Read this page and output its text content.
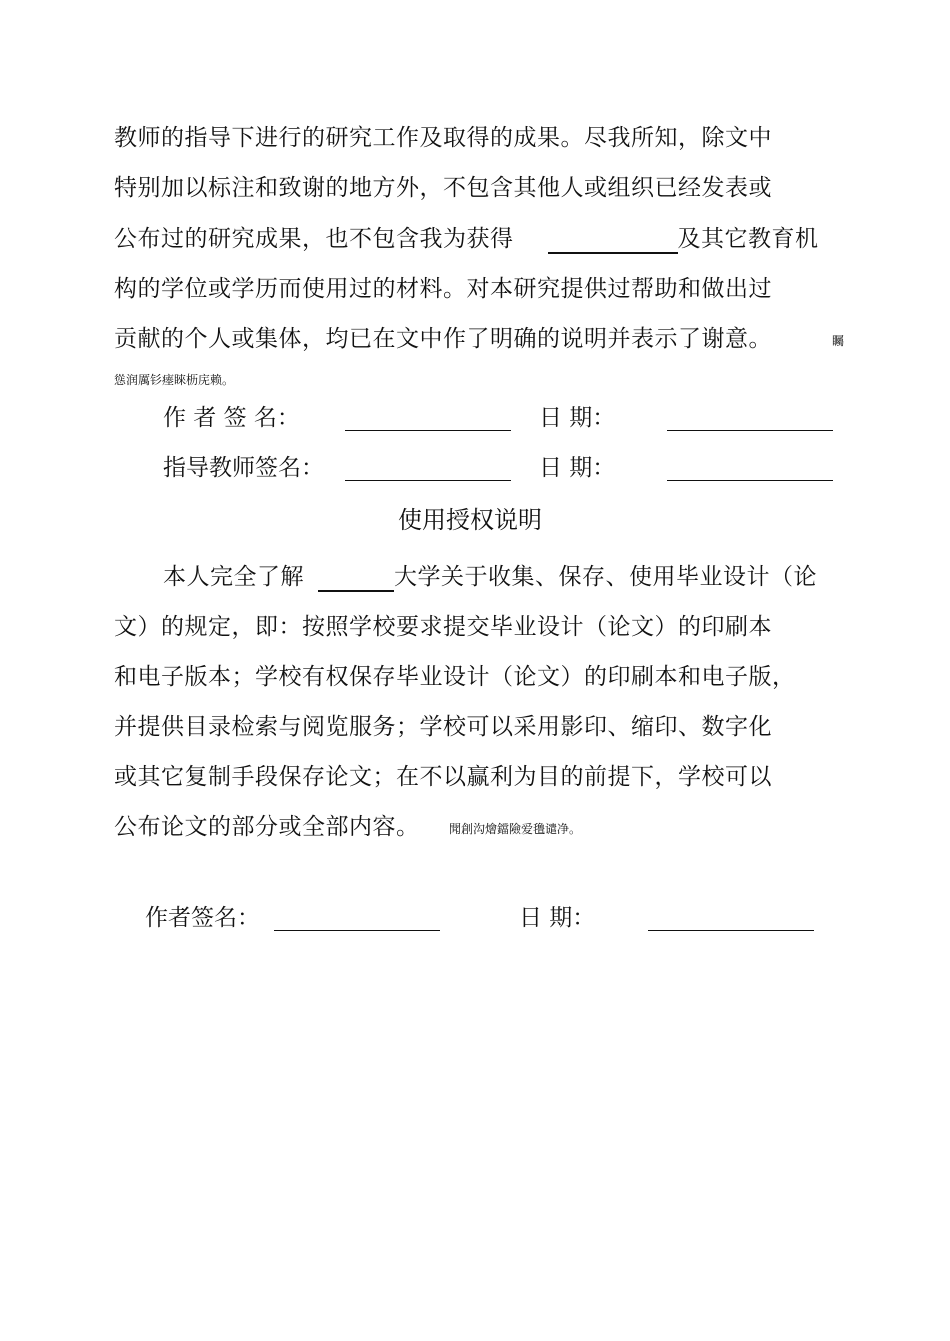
教师的指导下进行的研究工作及取得的成果。尽我所知，除文中
特别加以标注和致谢的地方外，不包含其他人或组织已经发表或
公布过的研究成果，也不包含我为获得	及其它教育机
构的学位或学历而使用过的材料。对本研究提供过帮助和做出过
贡献的个人或集体，均已在文中作了明确的说明并表示了谢意。	矚
慫润厲钐瘗睞枥庑赖。
作 者 签 名：	日 期：
指导教师签名：	日 期：
使用授权说明
本人完全了解	大学关于收集、保存、使用毕业设计（论
文）的规定，即：按照学校要求提交毕业设计（论文）的印刷本
和电子版本；学校有权保存毕业设计（论文）的印刷本和电子版，
并提供目录检索与阅览服务；学校可以采用影印、缩印、数字化
或其它复制手段保存论文；在不以赢利为目的前提下，学校可以
公布论文的部分或全部内容。 聞創沟燴鐺險爱氇谴净。
作者签名：	日 期：
